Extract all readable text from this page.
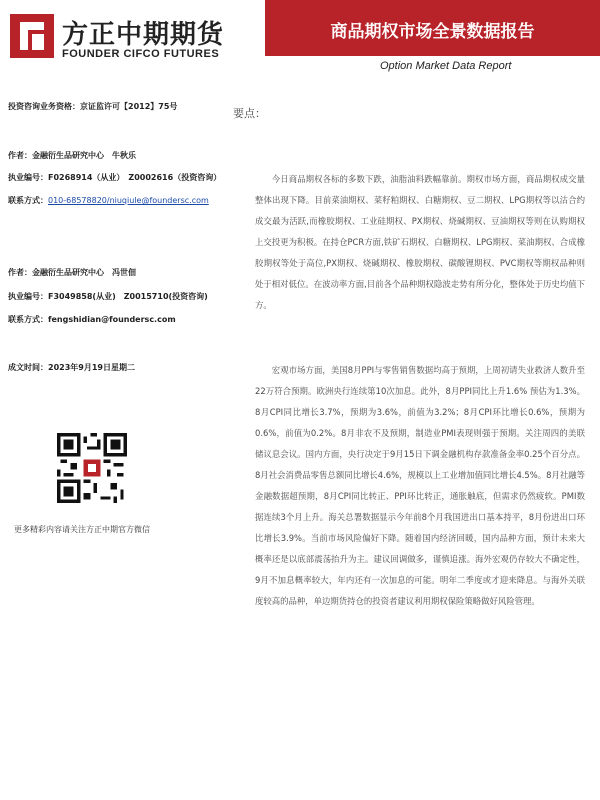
方正中期期货
FOUNDER CIFCO FUTURES
商品期权市场全景数据报告
Option Market Data Report
投资咨询业务资格：京证监许可【2012】75号
作者：金融衍生品研究中心　牛秋乐
执业编号：F0268914（从业）　Z0002616（投资咨询）
联系方式：010-68578820/niuqiule@foundersc.com
作者：金融衍生品研究中心　冯世佃
执业编号：F3049858(从业)　Z0015710(投资咨询)
联系方式：fengshidian@foundersc.com
成文时间：2023年9月19日星期二
更多精彩内容请关注方正中期官方微信
要点：
今日商品期权各标的多数下跌，油脂油料跌幅靠前。期权市场方面，商品期权成交量整体出现下降。目前菜油期权、菜籽粕期权、白糖期权、豆二期权、LPG期权等以沽合约成交最为活跃,而橡胶期权、工业硅期权、PX期权、烧碱期权、豆油期权等则在认购期权上交投更为积极。在持仓PCR方面,铁矿石期权、白糖期权、LPG期权、菜油期权、合成橡胶期权等处于高位,PX期权、烧碱期权、橡胶期权、碳酸锂期权、PVC期权等期权品种则处于相对低位。在波动率方面,目前各个品种期权隐波走势有所分化，整体处于历史均值下方。
宏观市场方面，美国8月PPI与零售销售数据均高于预期，上周初请失业救济人数升至22万符合预期。欧洲央行连续第10次加息。此外，8月PPI同比上升1.6% 预估为1.3%。8月CPI同比增长3.7%，预期为3.6%，前值为3.2%；8月CPI环比增长0.6%，预期为0.6%，前值为0.2%。8月非农不及预期，制造业PMI表现则强于预期。关注周四的美联储议息会议。国内方面，央行决定于9月15日下调金融机构存款准备金率0.25个百分点。8月社会消费品零售总额同比增长4.6%，规模以上工业增加值同比增长4.5%。8月社融等金融数据超预期，8月CPI同比转正、PPI环比转正，通胀触底，但需求仍然疲软。PMI数据连续3个月上升。海关总署数据显示今年前8个月我国进出口基本持平，8月份进出口环比增长3.9%。当前市场风险偏好下降。随着国内经济回暖，国内品种方面，预计未来大概率还是以底部震荡抬升为主。建议回调做多，谨慎追涨。海外宏观仍存较大不确定性，9月不加息概率较大，年内还有一次加息的可能。明年二季度或才迎来降息。与海外关联度较高的品种，单边期货持仓的投资者建议利用期权保险策略做好风险管理。
